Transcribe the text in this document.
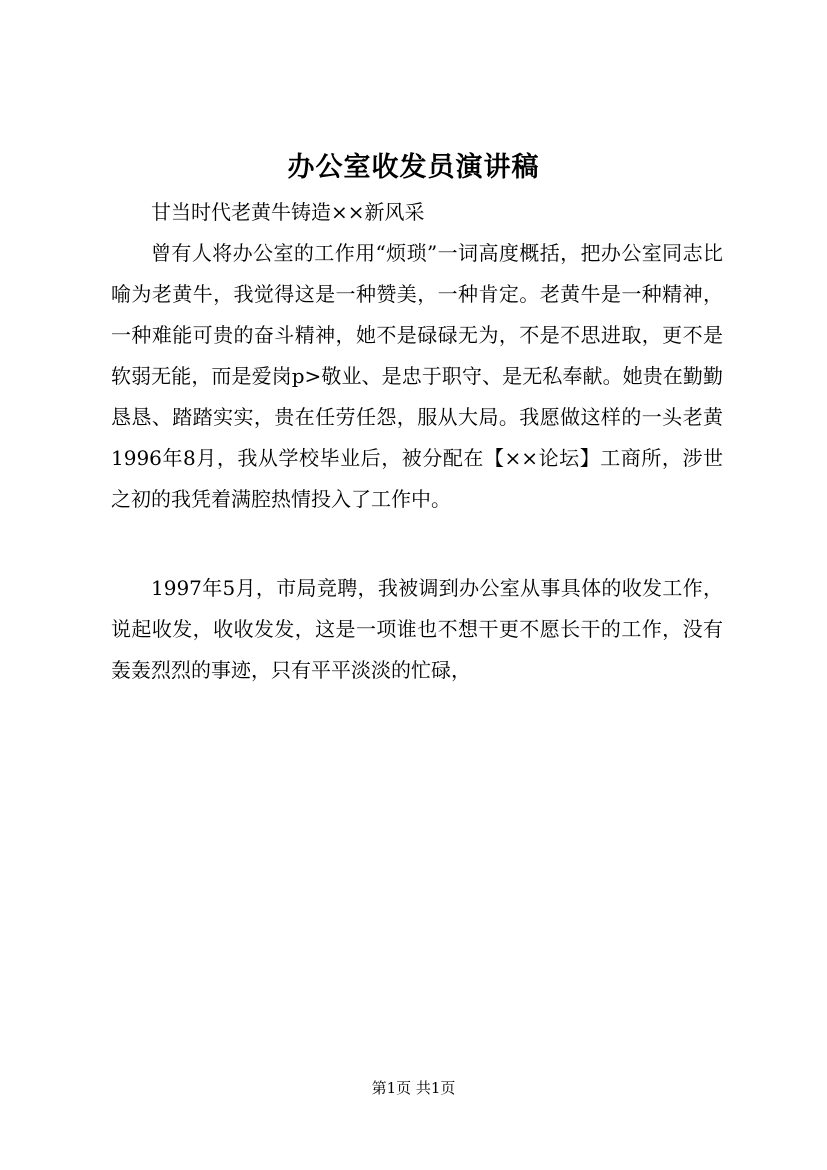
办公室收发员演讲稿
甘当时代老黄牛铸造××新风采
曾有人将办公室的工作用“烦琐”一词高度概括，把办公室同志比喻为老黄牛，我觉得这是一种赞美，一种肯定。老黄牛是一种精神，一种难能可贵的奋斗精神，她不是碌碌无为，不是不思进取，更不是软弱无能，而是爱岗p>敬业、是忠于职守、是无私奉献。她贵在勤勤恳恳、踏踏实实，贵在任劳任怨，服从大局。我愿做这样的一头老黄1996年8月，我从学校毕业后，被分配在【××论坛】工商所，涉世之初的我凭着满腔热情投入了工作中。
1997年5月，市局竞聘，我被调到办公室从事具体的收发工作，说起收发，收收发发，这是一项谁也不想干更不愿长干的工作，没有轰轰烈烈的事迹，只有平平淡淡的忙碌，
第1页 共1页
